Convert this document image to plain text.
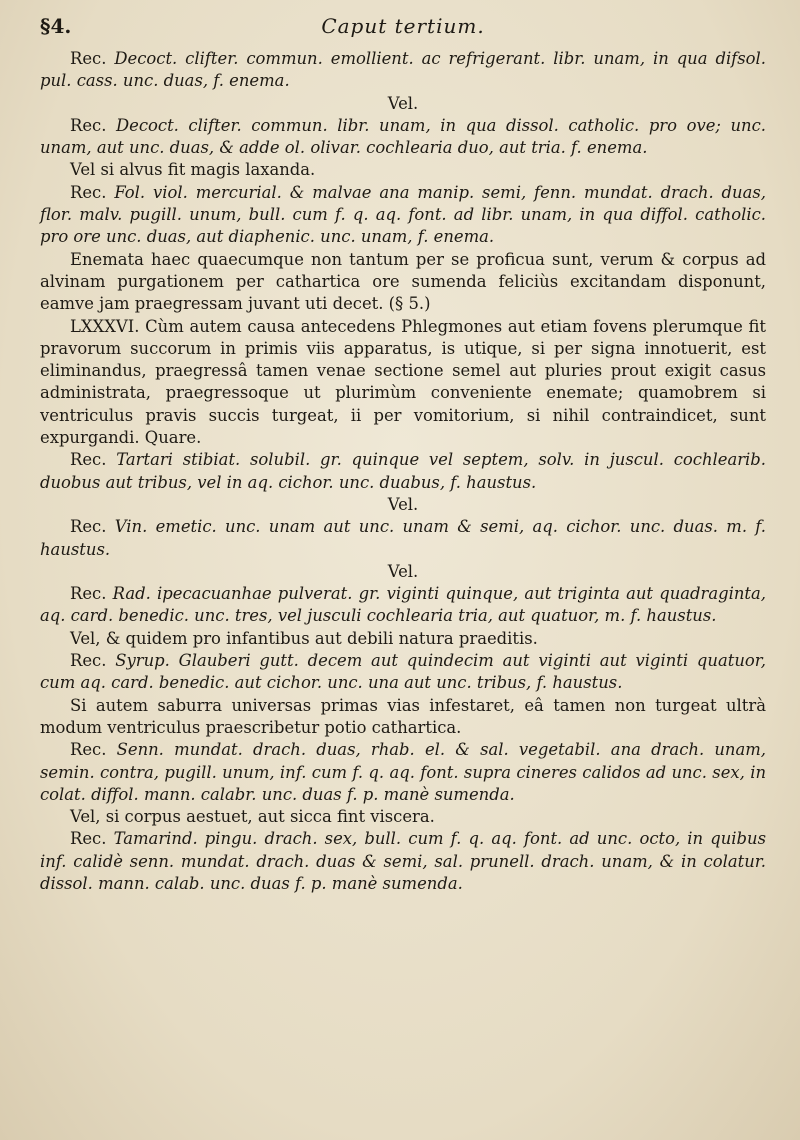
§4.	Caput tertium.

Rec. Decoct. clifter. commun. emollient. ac refrigerant. libr. unam, in qua difsol. pul. cass. unc. duas, f. enema.

Vel.

Rec. Decoct. clifter. commun. libr. unam, in qua dissol. catholic. pro ove; unc. unam, aut unc. duas, & adde ol. olivar. cochlearia duo, aut tria. f. enema.

Vel si alvus fit magis laxanda.

Rec. Fol. viol. mercurial. & malvae ana manip. semi, fenn. mundat. drach. duas, flor. malv. pugill. unum, bull. cum f. q. aq. font. ad libr. unam, in qua diffol. catholic. pro ore unc. duas, aut diaphenic. unc. unam, f. enema.

Enemata haec quaecumque non tantum per se proficua sunt, verum & corpus ad alvinam purgationem per cathartica ore sumenda feliciùs excitandam disponunt, eamve jam praegressam juvant uti decet. (§ 5.)

LXXXVI. Cùm autem causa antecedens Phlegmones aut etiam fovens plerumque fit pravorum succorum in primis viis apparatus, is utique, si per signa innotuerit, est eliminandus, praegressâ tamen venae sectione semel aut pluries prout exigit casus administrata, praegressoque ut plurimùm conveniente enemate; quamobrem si ventriculus pravis succis turgeat, ii per vomitorium, si nihil contraindicet, sunt expurgandi. Quare.

Rec. Tartari stibiat. solubil. gr. quinque vel septem, solv. in juscul. cochlearib. duobus aut tribus, vel in aq. cichor. unc. duabus, f. haustus.

Vel.

Rec. Vin. emetic. unc. unam aut unc. unam & semi, aq. cichor. unc. duas. m. f. haustus.

Vel.

Rec. Rad. ipecacuanhae pulverat. gr. viginti quinque, aut triginta aut quadraginta, aq. card. benedic. unc. tres, vel jusculi cochlearia tria, aut quatuor, m. f. haustus.

Vel, & quidem pro infantibus aut debili natura praeditis.

Rec. Syrup. Glauberi gutt. decem aut quindecim aut viginti aut viginti quatuor, cum aq. card. benedic. aut cichor. unc. una aut unc. tribus, f. haustus.

Si autem saburra universas primas vias infestaret, eâ tamen non turgeat ultrà modum ventriculus praescribetur potio cathartica.

Rec. Senn. mundat. drach. duas, rhab. el. & sal. vegetabil. ana drach. unam, semin. contra, pugill. unum, inf. cum f. q. aq. font. supra cineres calidos ad unc. sex, in colat. diffol. mann. calabr. unc. duas f. p. manè sumenda.

Vel, si corpus aestuet, aut sicca fint viscera.

Rec. Tamarind. pingu. drach. sex, bull. cum f. q. aq. font. ad unc. octo, in quibus inf. calidè senn. mundat. drach. duas & semi, sal. prunell. drach. unam, & in colatur. dissol. mann. calab. unc. duas f. p. manè sumenda.
